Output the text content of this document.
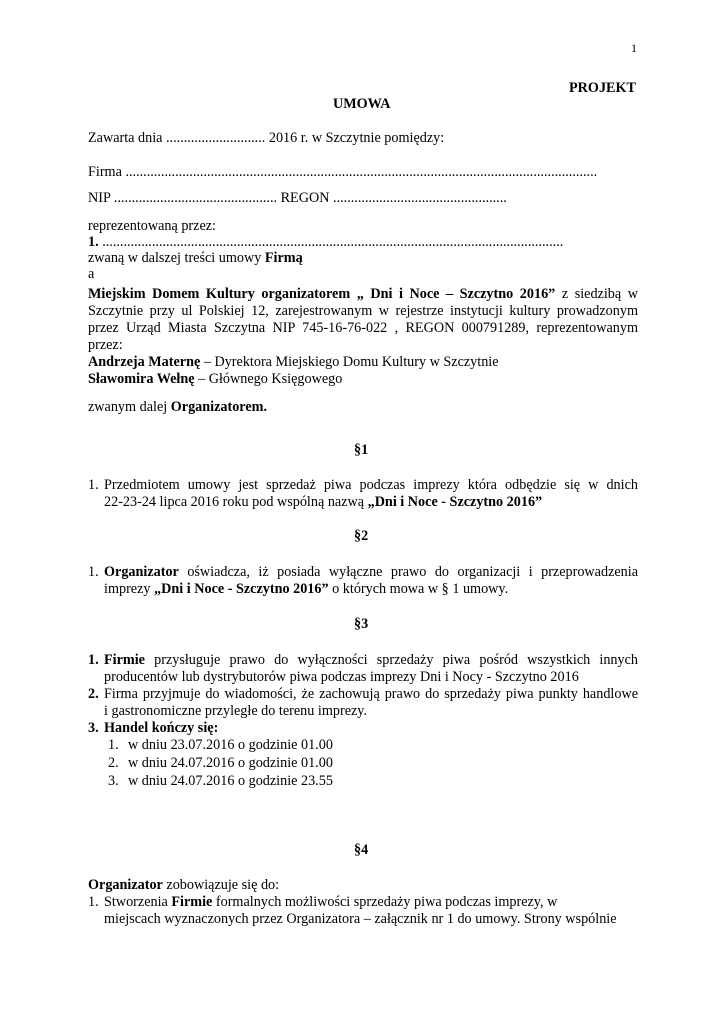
1
PROJEKT
UMOWA
Zawarta dnia ............................ 2016 r. w Szczytnie pomiędzy:
Firma .....................................................................................................................................
NIP .............................................. REGON .................................................
reprezentowaną przez:
1. ..................................................................................................................................
zwaną w dalszej treści umowy Firmą
a
Miejskim Domem Kultury organizatorem „ Dni i Noce – Szczytno 2016” z siedzibą w
Szczytnie przy ul Polskiej 12, zarejestrowanym w rejestrze instytucji kultury prowadzonym
przez Urząd Miasta Szczytna NIP 745-16-76-022 , REGON 000791289, reprezentowanym
przez:
Andrzeja Maternę – Dyrektora Miejskiego Domu Kultury w Szczytnie
Sławomira Wełnę – Głównego Księgowego
zwanym dalej Organizatorem.
§1
1. Przedmiotem umowy jest sprzedaż piwa podczas imprezy która odbędzie się w dnich
22-23-24 lipca 2016 roku pod wspólną nazwą „Dni i Noce - Szczytno 2016”
§2
1. Organizator oświadcza, iż posiada wyłączne prawo do organizacji i przeprowadzenia
imprezy „Dni i Noce - Szczytno 2016” o których mowa w § 1 umowy.
§3
1. Firmie przysługuje prawo do wyłączności sprzedaży piwa pośród wszystkich innych
producentów lub dystrybutorów piwa podczas imprezy Dni i Nocy - Szczytno 2016
2. Firma przyjmuje do wiadomości, że zachowują prawo do sprzedaży piwa punkty handlowe
i gastronomiczne przyległe do terenu imprezy.
3. Handel kończy się:
1. w dniu 23.07.2016 o godzinie 01.00
2. w dniu 24.07.2016 o godzinie 01.00
3. w dniu 24.07.2016 o godzinie 23.55
§4
Organizator zobowiązuje się do:
1. Stworzenia Firmie formalnych możliwości sprzedaży piwa podczas imprezy, w
miejscach wyznaczonych przez Organizatora – załącznik nr 1 do umowy. Strony wspólnie
